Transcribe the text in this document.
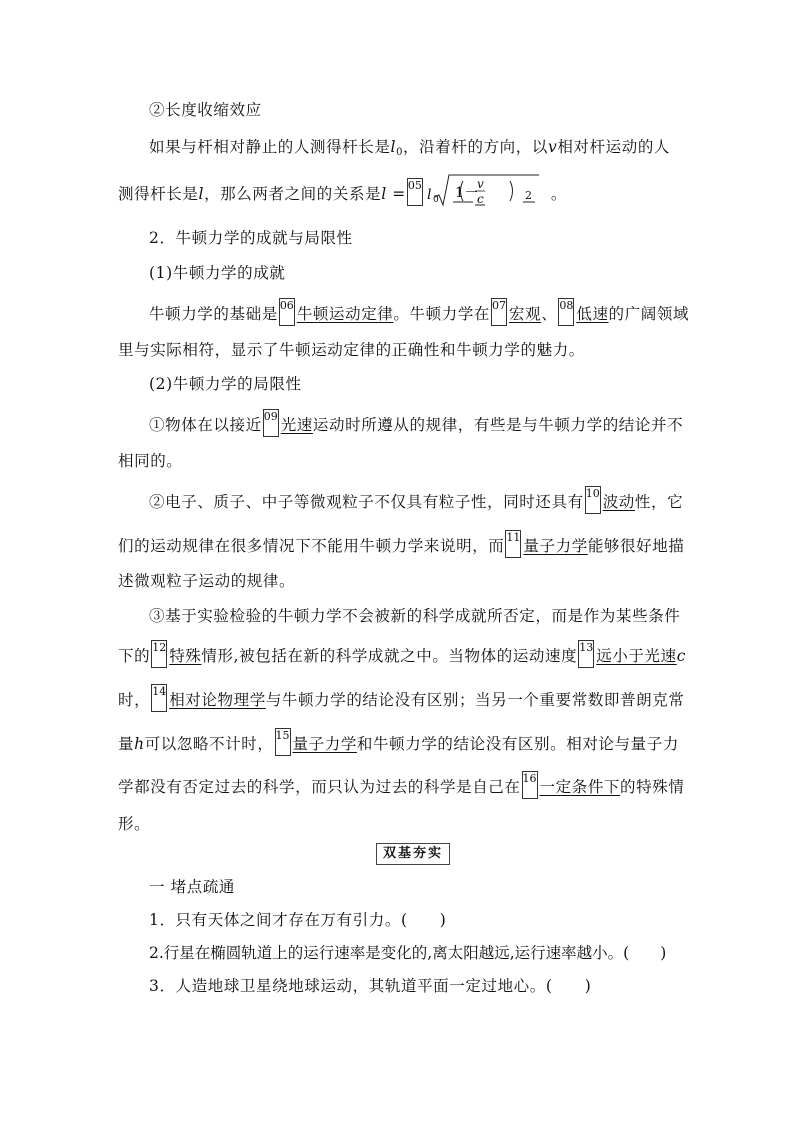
②长度收缩效应
如果与杆相对静止的人测得杆长是$l_0$，沿着杆的方向，以v相对杆运动的人
测得杆长是l，那么两者之间的关系是l = 05
l 0 1－
v
c	2 。
2．牛顿力学的成就与局限性
(1)牛顿力学的成就
牛顿力学的基础是 06 牛顿运动定律。牛顿力学在 07 宏观、 08 低速的广阔领域
里与实际相符，显示了牛顿运动定律的正确性和牛顿力学的魅力。
(2)牛顿力学的局限性
①物体在以接近 09 光速运动时所遵从的规律，有些是与牛顿力学的结论并不
相同的。
②电子、质子、中子等微观粒子不仅具有粒子性，同时还具有 10 波动性，它
们的运动规律在很多情况下不能用牛顿力学来说明，而 11 量子力学能够很好地描
述微观粒子运动的规律。
③基于实验检验的牛顿力学不会被新的科学成就所否定，而是作为某些条件
下的 12 特殊情形,被包括在新的科学成就之中。当物体的运动速度 13 远小于光速c
时， 14 相对论物理学与牛顿力学的结论没有区别；当另一个重要常数即普朗克常
量h可以忽略不计时， 15 量子力学和牛顿力学的结论没有区别。相对论与量子力
学都没有否定过去的科学，而只认为过去的科学是自己在 16 一定条件下的特殊情
形。
双基夯实
一 堵点疏通
1．只有天体之间才存在万有引力。(　　)
2.行星在椭圆轨道上的运行速率是变化的,离太阳越远,运行速率越小。(　　)
3．人造地球卫星绕地球运动，其轨道平面一定过地心。(　　)
